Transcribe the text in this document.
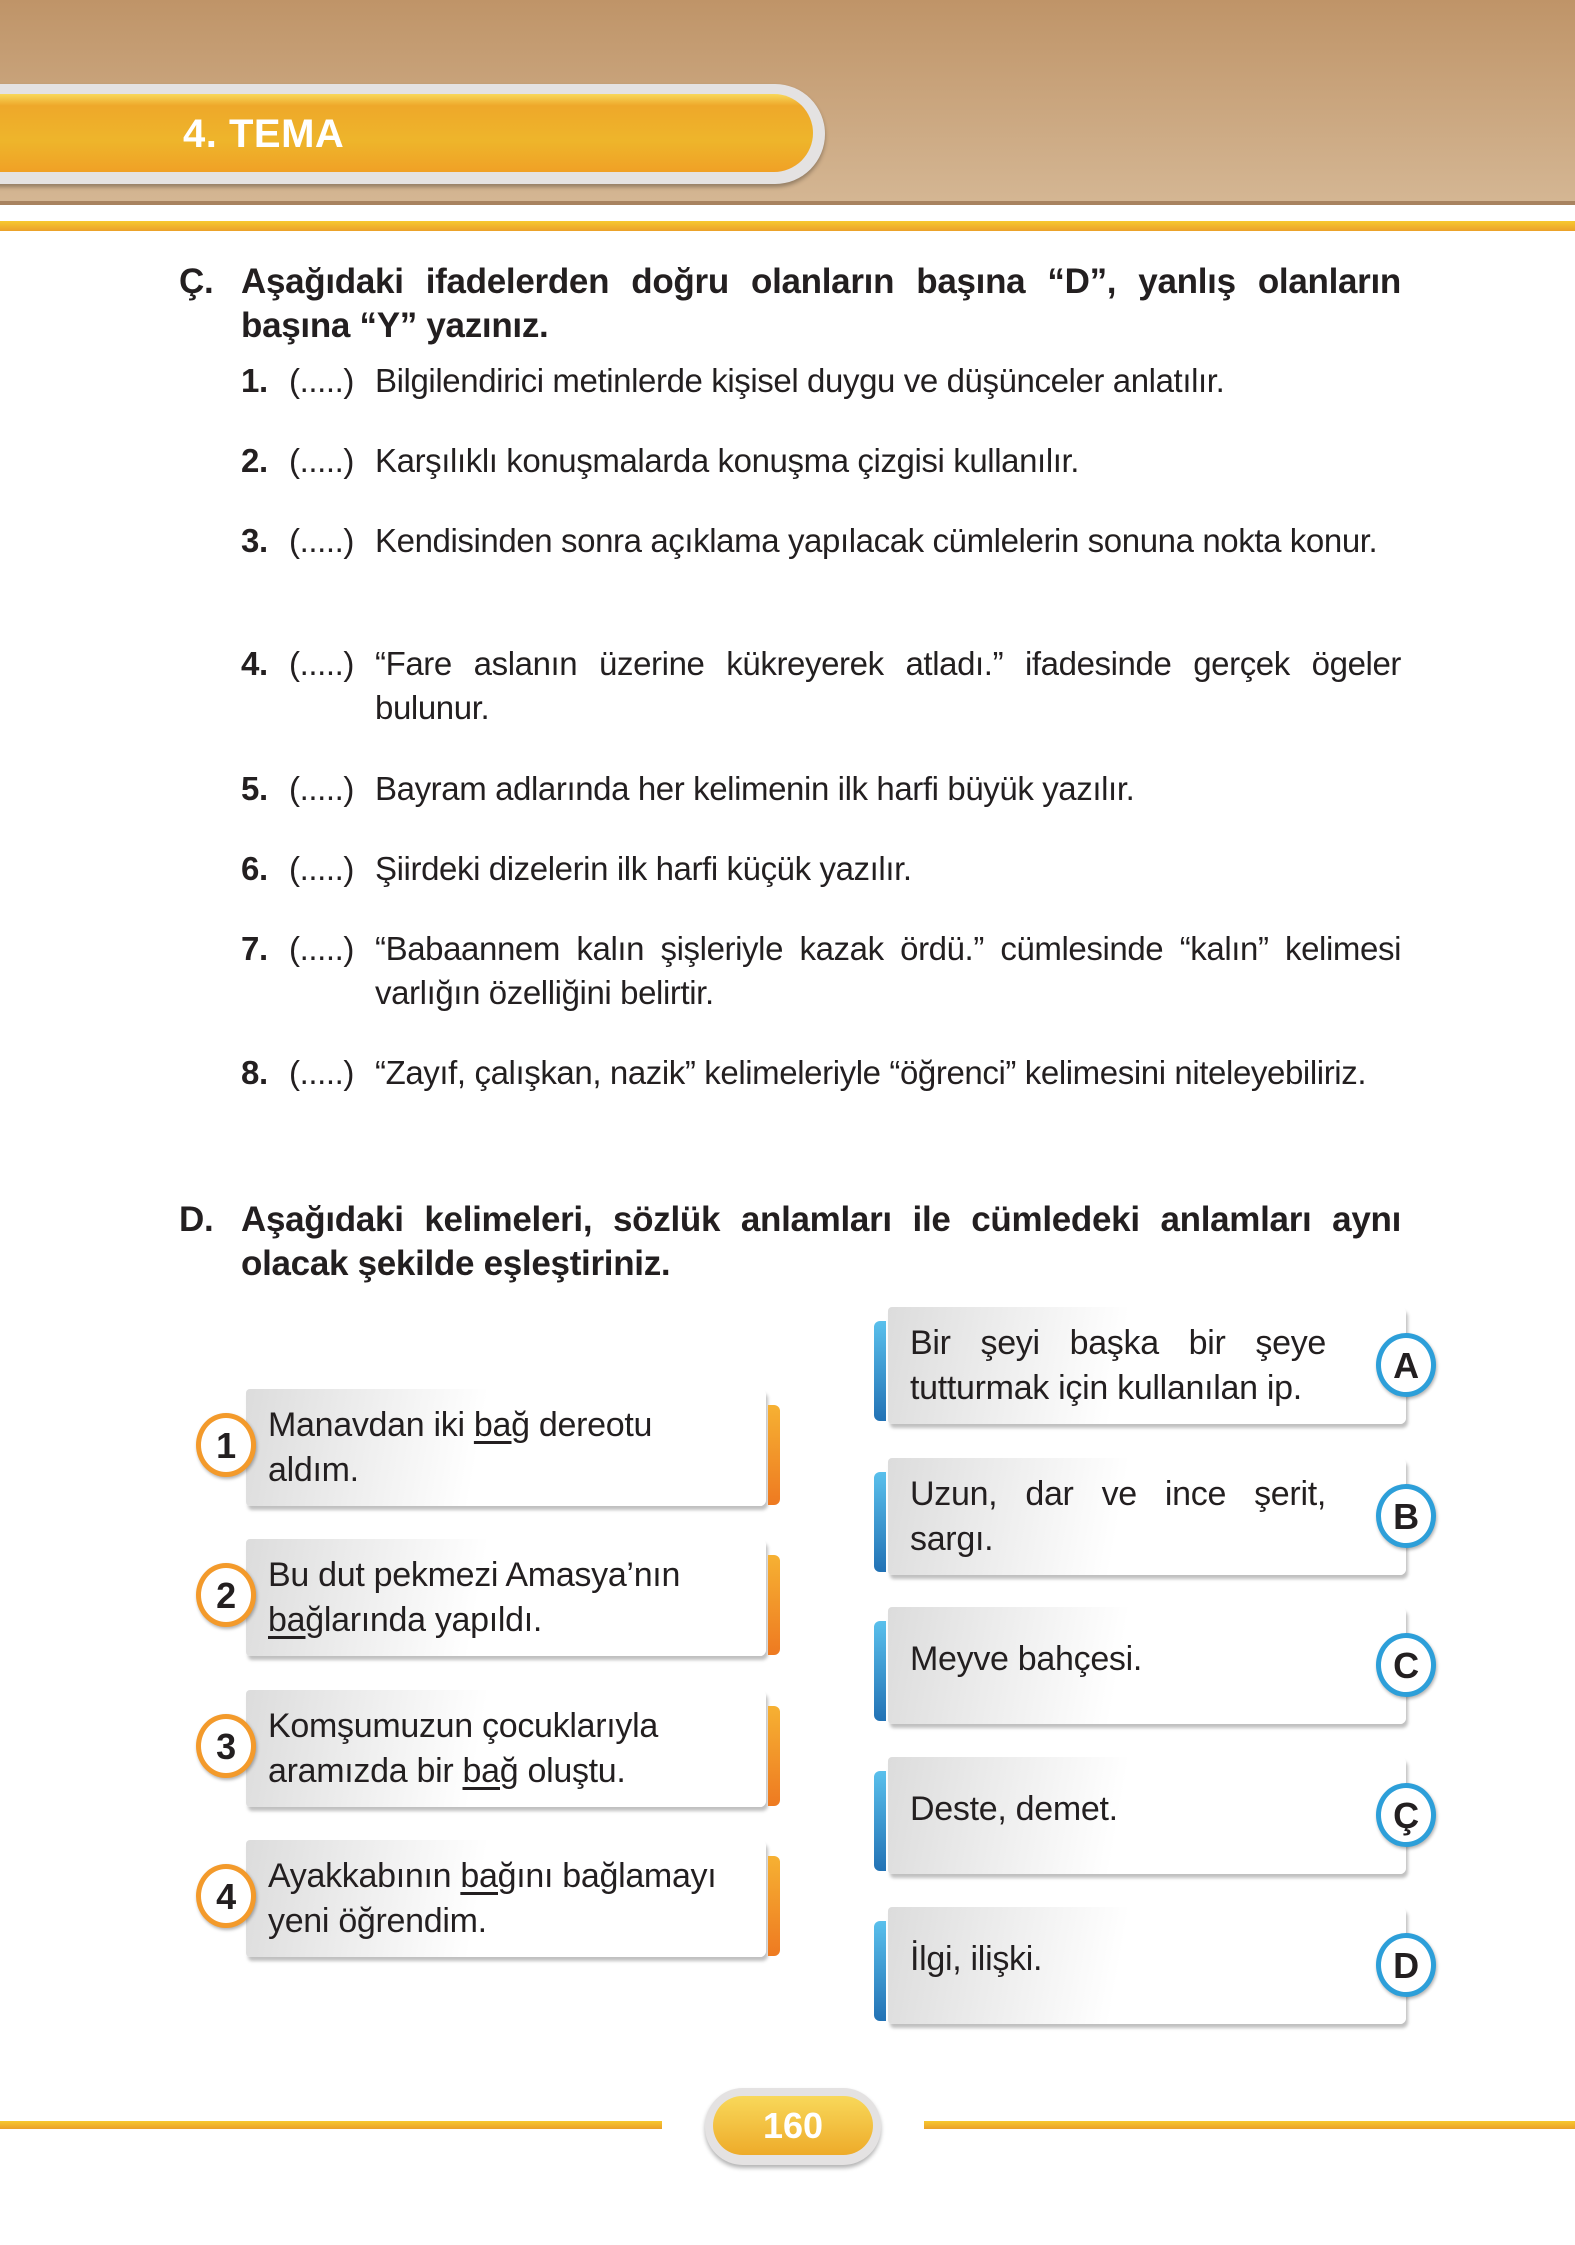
4. TEMA
Ç. Aşağıdaki ifadelerden doğru olanların başına “D”, yanlış olanların başına “Y” yazınız.
1. (.....) Bilgilendirici metinlerde kişisel duygu ve düşünceler anlatılır.
2. (.....) Karşılıklı konuşmalarda konuşma çizgisi kullanılır.
3. (.....) Kendisinden sonra açıklama yapılacak cümlelerin sonuna nokta konur.
4. (.....) “Fare aslanın üzerine kükreyerek atladı.” ifadesinde gerçek ögeler bulunur.
5. (.....) Bayram adlarında her kelimenin ilk harfi büyük yazılır.
6. (.....) Şiirdeki dizelerin ilk harfi küçük yazılır.
7. (.....) “Babaannem kalın şişleriyle kazak ördü.” cümlesinde “kalın” kelimesi varlığın özelliğini belirtir.
8. (.....) “Zayıf, çalışkan, nazik” kelimeleriyle “öğrenci” kelimesini niteleyebiliriz.
D. Aşağıdaki kelimeleri, sözlük anlamları ile cümledeki anlamları aynı olacak şekilde eşleştiriniz.
1 Manavdan iki bağ dereotu aldım.
2 Bu dut pekmezi Amasya’nın bağlarında yapıldı.
3 Komşumuzun çocuklarıyla aramızda bir bağ oluştu.
4 Ayakkabının bağını bağlamayı yeni öğrendim.
Bir şeyi başka bir şeye tutturmak için kullanılan ip.
A
Uzun, dar ve ince şerit, sargı.
B
Meyve bahçesi.	C
Deste, demet.	Ç
İlgi, ilişki.	D
160
